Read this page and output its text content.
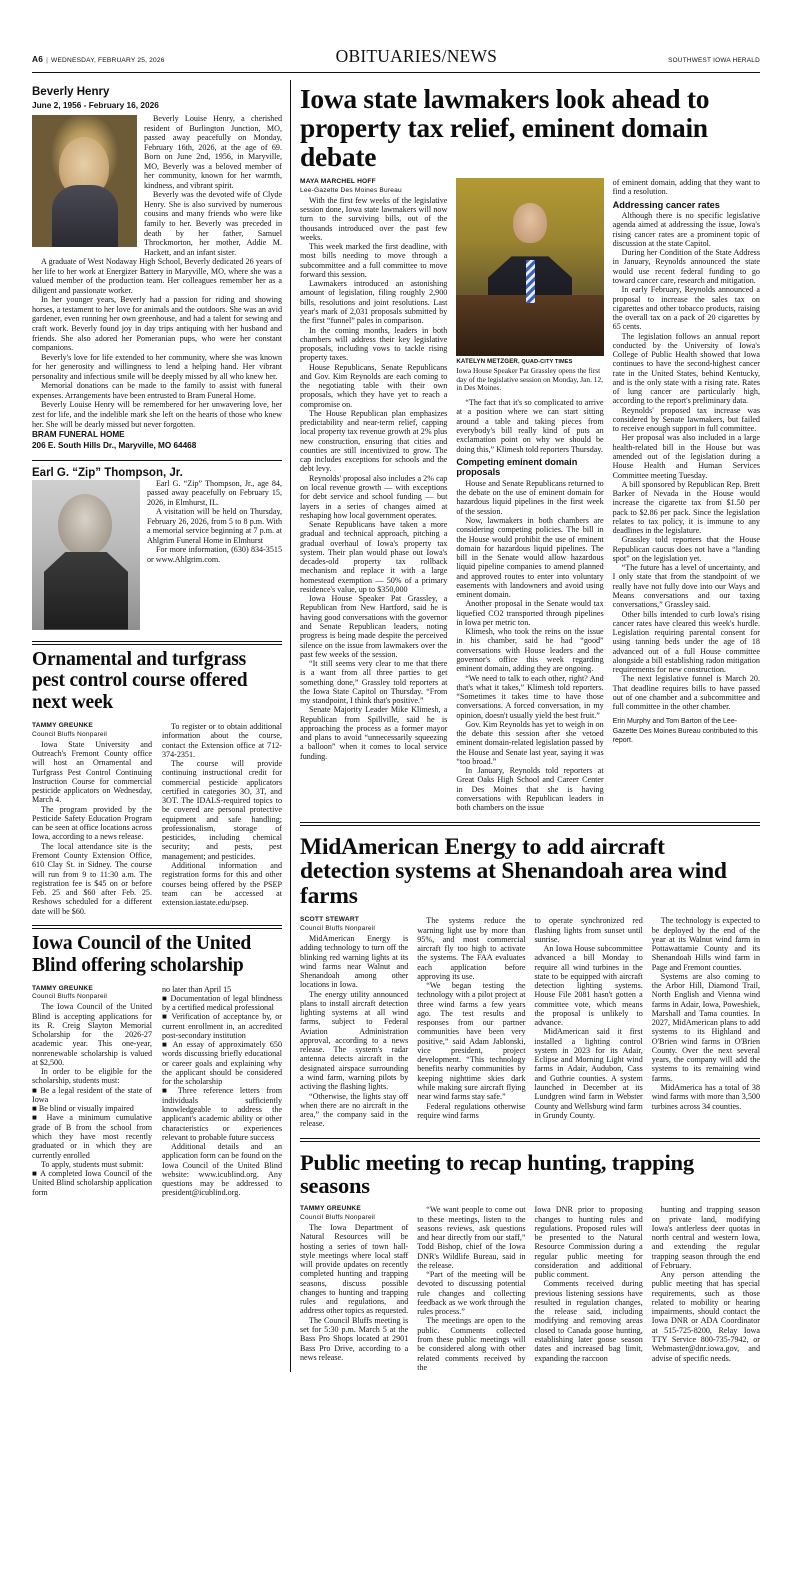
A6 | WEDNESDAY, FEBRUARY 25, 2026	OBITUARIES/NEWS	SOUTHWEST IOWA HERALD
Beverly Henry
June 2, 1956 - February 16, 2026

Beverly Louise Henry, a cherished resident of Burlington Junction, MO, passed away peacefully on Monday, February 16th, 2026, at the age of 69. Born on June 2nd, 1956, in Maryville, MO, Beverly was a beloved member of her community, known for her warmth, kindness, and vibrant spirit.

Beverly was the devoted wife of Clyde Henry. She is also survived by numerous cousins and many friends who were like family to her. Beverly was preceded in death by her father, Samuel Throckmorton, her mother, Addie M. Hackett, and an infant sister.

A graduate of West Nodaway High School, Beverly dedicated 26 years of her life to her work at Energizer Battery in Maryville, MO, where she was a valued member of the production team. Her colleagues remember her as a diligent and passionate worker.

In her younger years, Beverly had a passion for riding and showing horses, a testament to her love for animals and the outdoors. She was an avid gardener, even running her own greenhouse, and had a talent for sewing and craft work. Beverly found joy in day trips antiquing with her husband and friends. She also adored her Pomeranian pups, who were her constant companions.

Beverly's love for life extended to her community, where she was known for her generosity and willingness to lend a helping hand. Her vibrant personality and infectious smile will be deeply missed by all who knew her.

Memorial donations can be made to the family to assist with funeral expenses. Arrangements have been entrusted to Bram Funeral Home.

Beverly Louise Henry will be remembered for her unwavering love, her zest for life, and the indelible mark she left on the hearts of those who knew her. She will be dearly missed but never forgotten.

BRAM FUNERAL HOME
206 E. South Hills Dr., Maryville, MO 64468
Earl G. “Zip” Thompson, Jr.

Earl G. “Zip” Thompson, Jr., age 84, passed away peacefully on February 15, 2026, in Elmhurst, IL.

A visitation will be held on Thursday, February 26, 2026, from 5 to 8 p.m. With a memorial service beginning at 7 p.m. at Ahlgrim Funeral Home in Elmhurst

For more information, (630) 834-3515 or www.Ahlgrim.com.

Ornamental and turfgrass pest control course offered next week
TAMMY GREUNKE
Council Bluffs Nonpareil

Iowa State University and Outreach's Fremont County office will host an Ornamental and Turfgrass Pest Control Continuing Instruction Course for commercial pesticide applicators on Wednesday, March 4.

The program provided by the Pesticide Safety Education Program can be seen at office locations across Iowa, according to a news release.

The local attendance site is the Fremont County Extension Office, 610 Clay St. in Sidney. The course will run from 9 to 11:30 a.m. The registration fee is $45 on or before Feb. 25 and $60 after Feb. 25. Reshows scheduled for a different date will be $60.

To register or to obtain additional information about the course, contact the Extension office at 712-374-2351.

The course will provide continuing instructional credit for commercial pesticide applicators certified in categories 3O, 3T, and 3OT. The IDALS-required topics to be covered are personal protective equipment and safe handling; professionalism, storage of pesticides, including chemical security; and pests, pest management; and pesticides.

Additional information and registration forms for this and other courses being offered by the PSEP team can be accessed at extension.iastate.edu/psep.

Iowa Council of the United Blind offering scholarship
TAMMY GREUNKE
Council Bluffs Nonpareil

The Iowa Council of the United Blind is accepting applications for its R. Creig Slayton Memorial Scholarship for the 2026-27 academic year. This one-year, nonrenewable scholarship is valued at $2,500.

In order to be eligible for the scholarship, students must:

■ Be a legal resident of the state of Iowa

■ Be blind or visually impaired

■ Have a minimum cumulative grade of B from the school from which they have most recently graduated or in which they are currently enrolled

To apply, students must submit:

■ A completed Iowa Council of the United Blind scholarship application form

no later than April 15

■ Documentation of legal blindness by a certified medical professional

■ Verification of acceptance by, or current enrollment in, an accredited post-secondary institution

■ An essay of approximately 650 words discussing briefly educational or career goals and explaining why the applicant should be considered for the scholarship

■ Three reference letters from individuals sufficiently knowledgeable to address the applicant's academic ability or other characteristics or experiences relevant to probable future success

Additional details and an application form can be found on the Iowa Council of the United Blind website: www.icublind.org. Any questions may be addressed to president@icublind.org.

Iowa state lawmakers look ahead to property tax relief, eminent domain debate
MAYA MARCHEL HOFF
Lee-Gazette Des Moines Bureau

With the first few weeks of the legislative session done, Iowa state lawmakers will now turn to the surviving bills, out of the thousands introduced over the past few weeks.

This week marked the first deadline, with most bills needing to move through a subcommittee and a full committee to move forward this session.

Lawmakers introduced an astonishing amount of legislation, filing roughly 2,900 bills, resolutions and joint resolutions. Last year's mark of 2,031 proposals submitted by the first “funnel” pales in comparison.

In the coming months, leaders in both chambers will address their key legislative proposals, including vows to tackle rising property taxes.

House Republicans, Senate Republicans and Gov. Kim Reynolds are each coming to the negotiating table with their own proposals, which they have yet to reach a compromise on.

The House Republican plan emphasizes predictability and near-term relief, capping local property tax revenue growth at 2% plus new construction, ensuring that cities and counties are still incentivized to grow. The cap includes exceptions for schools and the debt levy.

Reynolds' proposal also includes a 2% cap on local revenue growth — with exceptions for debt service and school funding — but layers in a series of changes aimed at reshaping how local government operates.

Senate Republicans have taken a more gradual and technical approach, pitching a gradual overhaul of Iowa's property tax system. Their plan would phase out Iowa's decades-old property tax rollback mechanism and replace it with a large homestead exemption — 50% of a primary residence's value, up to $350,000

Iowa House Speaker Pat Grassley, a Republican from New Hartford, said he is having good conversations with the governor and Senate Republican leaders, noting progress is being made despite the perceived silence on the issue from lawmakers over the past few weeks of the session.

“It still seems very clear to me that there is a want from all three parties to get something done,” Grassley told reporters at the Iowa State Capitol on Thursday. “From my standpoint, I think that's positive.”

Senate Majority Leader Mike Klimesh, a Republican from Spillville, said he is approaching the process as a former mayor and plans to avoid “unnecessarily squeezing a balloon” when it comes to local service funding.

KATELYN METZGER, QUAD-CITY TIMES
Iowa House Speaker Pat Grassley opens the first day of the legislative session on Monday, Jan. 12, in Des Moines.

“The fact that it's so complicated to arrive at a position where we can start sitting around a table and taking pieces from everybody's bill really kind of puts an exclamation point on why we should be doing this,” Klimesh told reporters Thursday.

Competing eminent domain proposals

House and Senate Republicans returned to the debate on the use of eminent domain for hazardous liquid pipelines in the first week of the session.

Now, lawmakers in both chambers are considering competing policies. The bill in the House would prohibit the use of eminent domain for hazardous liquid pipelines. The bill in the Senate would allow hazardous liquid pipeline companies to amend planned and approved routes to enter into voluntary easements with landowners and avoid using eminent domain.

Another proposal in the Senate would tax liquefied CO2 transported through pipelines in Iowa per metric ton.

Klimesh, who took the reins on the issue in his chamber, said he had “good” conversations with House leaders and the governor's office this week regarding eminent domain, adding they are ongoing.

“We need to talk to each other, right? And that's what it takes,” Klimesh told reporters. “Sometimes it takes time to have those conversations. A forced conversation, in my opinion, doesn't usually yield the best fruit.”

Gov. Kim Reynolds has yet to weigh in on the debate this session after she vetoed eminent domain-related legislation passed by the House and Senate last year, saying it was “too broad.”

In January, Reynolds told reporters at Great Oaks High School and Career Center in Des Moines that she is having conversations with Republican leaders in both chambers on the issue

of eminent domain, adding that they want to find a resolution.

Addressing cancer rates

Although there is no specific legislative agenda aimed at addressing the issue, Iowa's rising cancer rates are a prominent topic of discussion at the state Capitol.

During her Condition of the State Address in January, Reynolds announced the state would use recent federal funding to go toward cancer care, research and mitigation.

In early February, Reynolds announced a proposal to increase the sales tax on cigarettes and other tobacco products, raising the overall tax on a pack of 20 cigarettes by 65 cents.

The legislation follows an annual report conducted by the University of Iowa's College of Public Health showed that Iowa continues to have the second-highest cancer rate in the United States, behind Kentucky, and is the only state with a rising rate. Rates of lung cancer are particularly high, according to the report's preliminary data.

Reynolds' proposed tax increase was considered by Senate lawmakers, but failed to receive enough support in full committee.

Her proposal was also included in a large health-related bill in the House but was amended out of the legislation during a House Health and Human Services Committee meeting Tuesday.

A bill sponsored by Republican Rep. Brett Barker of Nevada in the House would increase the cigarette tax from $1.50 per pack to $2.86 per pack. Since the legislation relates to tax policy, it is immune to any deadlines in the legislature.

Grassley told reporters that the House Republican caucus does not have a “landing spot” on the legislation yet.

“The future has a level of uncertainty, and I only state that from the standpoint of we really have not fully dove into our Ways and Means conversations and our taxing conversations,” Grassley said.

Other bills intended to curb Iowa's rising cancer rates have cleared this week's hurdle. Legislation requiring parental consent for using tanning beds under the age of 18 advanced out of a full House committee alongside a bill establishing radon mitigation requirements for new construction.

The next legislative funnel is March 20. That deadline requires bills to have passed out of one chamber and a subcommittee and full committee in the other chamber.

Erin Murphy and Tom Barton of the Lee-Gazette Des Moines Bureau contributed to this report.
MidAmerican Energy to add aircraft detection systems at Shenandoah area wind farms
SCOTT STEWART
Council Bluffs Nonpareil

MidAmerican Energy is adding technology to turn off the blinking red warning lights at its wind farms near Walnut and Shenandoah among other locations in Iowa.

The energy utility announced plans to install aircraft detection lighting systems at all wind farms, subject to Federal Aviation Administration approval, according to a news release. The system's radar antenna detects aircraft in the designated airspace surrounding a wind farm, warning pilots by activing the flashing lights.

“Otherwise, the lights stay off when there are no aircraft in the area,” the company said in the release.

The systems reduce the warning light use by more than 95%, and most commercial aircraft fly too high to activate the systems. The FAA evaluates each application before approving its use.

“We began testing the technology with a pilot project at three wind farms a few years ago. The test results and responses from our partner communities have been very positive,” said Adam Jablonski, vice president, project development. “This technology benefits nearby communities by keeping nighttime skies dark while making sure aircraft flying near wind farms stay safe.”

Federal regulations otherwise require wind farms

to operate synchronized red flashing lights from sunset until sunrise.

An Iowa House subcommittee advanced a bill Monday to require all wind turbines in the state to be equipped with aircraft detection lighting systems. House File 2081 hasn't gotten a committee vote, which means the proposal is unlikely to advance.

MidAmerican said it first installed a lighting control system in 2023 for its Adair, Eclipse and Morning Light wind farms in Adair, Audubon, Cass and Guthrie counties. A system launched in December at its Lundgren wind farm in Webster County and Wellsburg wind farm in Grundy County.

The technology is expected to be deployed by the end of the year at its Walnut wind farm in Pottawattamie County and its Shenandoah Hills wind farm in Page and Fremont counties.

Systems are also coming to the Arbor Hill, Diamond Trail, North English and Vienna wind farms in Adair, Iowa, Poweshiek, Marshall and Tama counties. In 2027, MidAmerican plans to add systems to its Highland and O'Brien wind farms in O'Brien County. Over the next several years, the company will add the systems to its remaining wind farms.

MidAmerica has a total of 38 wind farms with more than 3,500 turbines across 34 counties.

Public meeting to recap hunting, trapping seasons
TAMMY GREUNKE
Council Bluffs Nonpareil

The Iowa Department of Natural Resources will be hosting a series of town hall-style meetings where local staff will provide updates on recently completed hunting and trapping seasons, discuss possible changes to hunting and trapping rules and regulations, and address other topics as requested.

The Council Bluffs meeting is set for 5:30 p.m. March 5 at the Bass Pro Shops located at 2901 Bass Pro Drive, according to a news release.

“We want people to come out to these meetings, listen to the seasons reviews, ask questions and hear directly from our staff,” Todd Bishop, chief of the Iowa DNR's Wildlife Bureau, said in the release.

“Part of the meeting will be devoted to discussing potential rule changes and collecting feedback as we work through the rules process.”

The meetings are open to the public. Comments collected from these public meetings will be considered along with other related comments received by the

Iowa DNR prior to proposing changes to hunting rules and regulations. Proposed rules will be presented to the Natural Resource Commission during a regular public meeting for consideration and additional public comment.

Comments received during previous listening sessions have resulted in regulation changes, the release said, including modifying and removing areas closed to Canada goose hunting, establishing later goose season dates and increased bag limit, expanding the raccoon

hunting and trapping season on private land, modifying Iowa's antlerless deer quotas in north central and western Iowa, and extending the regular trapping season through the end of February.

Any person attending the public meeting that has special requirements, such as those related to mobility or hearing impairments, should contact the Iowa DNR or ADA Coordinator at 515-725-8200, Relay Iowa TTY Service 800-735-7942, or Webmaster@dnr.iowa.gov, and advise of specific needs.
